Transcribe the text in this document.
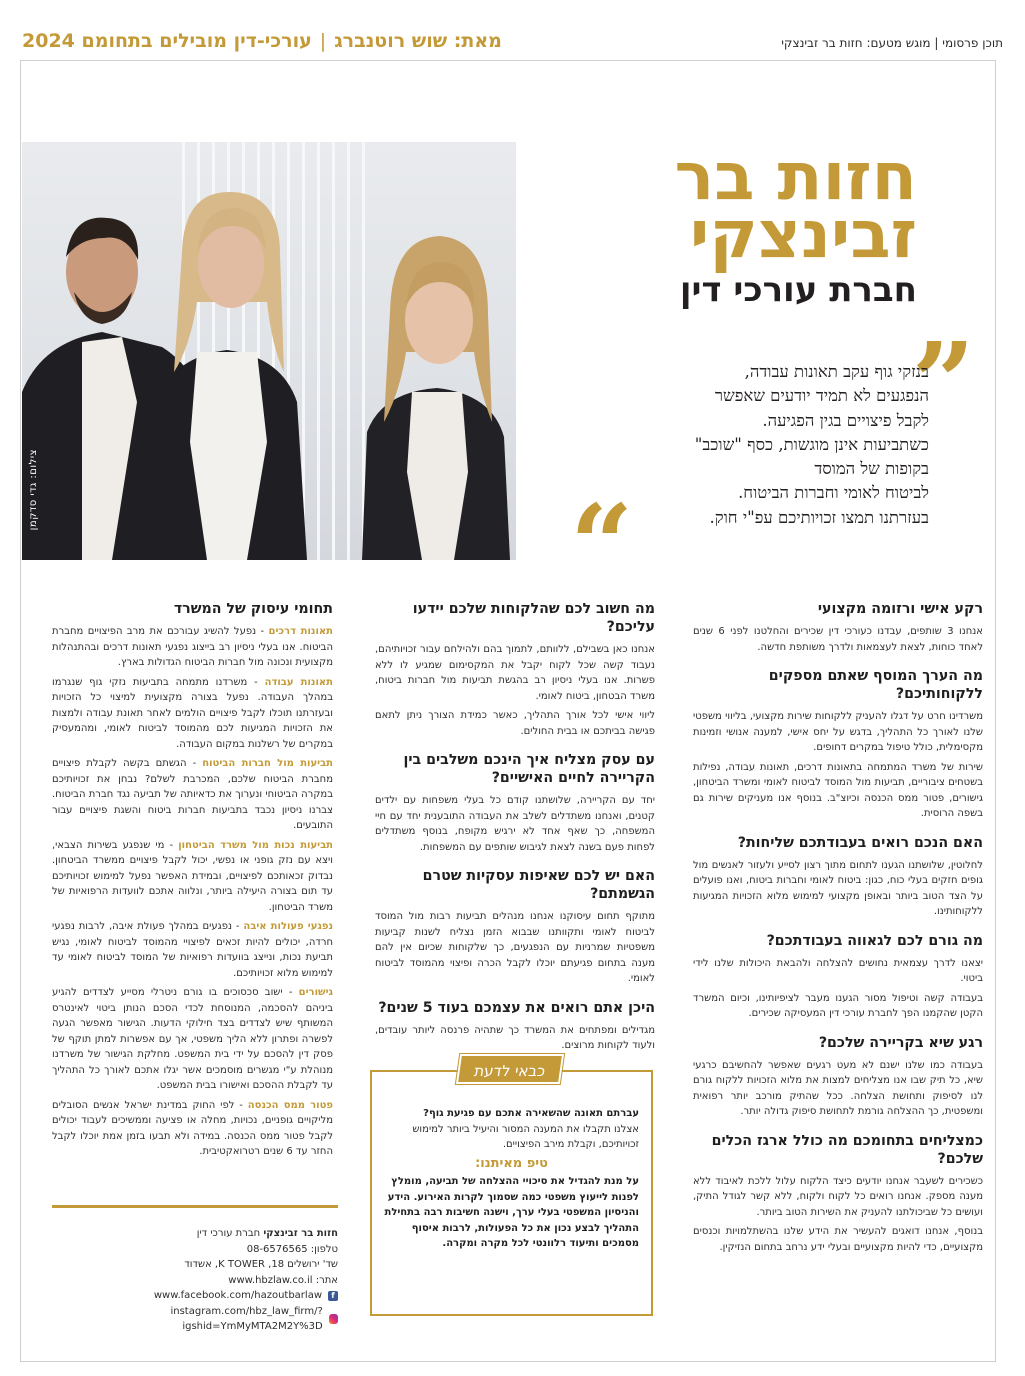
תוכן פרסומי | מוגש מטעם: חזות בר זבינצקי
מאת: שוש רוטנברג|עורכי-דין מובילים בתחומם 2024
צילום: גדי סדקמן
חזות בר
זבינצקי
חברת עורכי דין
”
בנזקי גוף עקב תאונות עבודה,
הנפגעים לא תמיד יודעים שאפשר
לקבל פיצויים בגין הפגיעה.
כשתביעות אינן מוגשות, כסף "שוכב"
בקופות של המוסד
לביטוח לאומי וחברות הביטוח.
בעזרתנו תמצו זכויותיכם עפ"י חוק.
“	רקע אישי ורזומה מקצועי

אנחנו 3 שותפים, עבדנו כעורכי דין שכירים והחלטנו לפני 6 שנים לאחד כוחות, לצאת לעצמאות ולדרך משותפת חדשה.

מה הערך המוסף שאתם מספקים ללקוחותיכם?

משרדינו חרט על דגלו להעניק ללקוחות שירות מקצועי, בליווי משפטי שלנו לאורך כל התהליך, בדגש על יחס אישי, למענה אנושי וזמינות מקסימלית, כולל טיפול במקרים דחופים.

שירות של משרד המתמחה בתאונות דרכים, תאונות עבודה, נפילות בשטחים ציבוריים, תביעות מול המוסד לביטוח לאומי ומשרד הביטחון, גישורים, פטור ממס הכנסה וכיוצ"ב. בנוסף אנו מעניקים שירות גם בשפה הרוסית.

האם הנכם רואים בעבודתכם שליחות?

לחלוטין, שלושתנו הגענו לתחום מתוך רצון לסייע ולעזור לאנשים מול גופים חזקים בעלי כוח, כגון: ביטוח לאומי וחברות ביטוח, ואנו פועלים על הצד הטוב ביותר ובאופן מקצועי למימוש מלוא הזכויות המגיעות ללקוחותינו.

מה גורם לכם לגאווה בעבודתכם?

יצאנו לדרך עצמאית נחושים להצלחה ולהבאת היכולות שלנו לידי ביטוי.

בעבודה קשה וטיפול מסור הגענו מעבר לציפיותינו, וכיום המשרד הקטן שהקמנו הפך לחברת עורכי דין המעסיקה שכירים.

רגע שיא בקריירה שלכם?

בעבודה כמו שלנו ישנם לא מעט רגעים שאפשר להחשיבם כרגעי שיא, כל תיק שבו אנו מצליחים למצות את מלוא הזכויות ללקוח גורם לנו לסיפוק ותחושת הצלחה. ככל שהתיק מורכב יותר רפואית ומשפטית, כך ההצלחה גורמת לתחושת סיפוק גדולה יותר.

כמצליחים בתחומכם מה כולל ארגז הכלים שלכם?

כשכירים לשעבר אנחנו יודעים כיצד הלקוח עלול ללכת לאיבוד ללא מענה מספק. אנחנו רואים כל לקוח ולקוח, ללא קשר לגודל התיק, ועושים כל שביכולתנו להעניק את השירות הטוב ביותר.

בנוסף, אנחנו דואגים להעשיר את הידע שלנו בהשתלמויות וכנסים מקצועיים, כדי להיות מקצועיים ובעלי ידע נרחב בתחום הנזיקין.

מה חשוב לכם שהלקוחות שלכם יידעו עליכם?

אנחנו כאן בשבילם, ללוותם, לתמוך בהם ולהילחם עבור זכויותיהם, נעבוד קשה שכל לקוח יקבל את המקסימום שמגיע לו ללא פשרות. אנו בעלי ניסיון רב בהגשת תביעות מול חברות ביטוח, משרד הבטחון, ביטוח לאומי.

ליווי אישי לכל אורך התהליך, כאשר כמידת הצורך ניתן לתאם פגישה בביתכם או בבית החולים.

עם עסק מצליח איך הינכם משלבים בין הקריירה לחיים האישיים?

יחד עם הקריירה, שלושתנו קודם כל בעלי משפחות עם ילדים קטנים, ואנחנו משתדלים לשלב את העבודה התובענית יחד עם חיי המשפחה, כך שאף אחד לא ירגיש מקופח, בנוסף משתדלים לפחות פעם בשנה לצאת לגיבוש שותפים עם המשפחות.

האם יש לכם שאיפות עסקיות שטרם הגשמתם?

מתוקף תחום עיסוקנו אנחנו מנהלים תביעות רבות מול המוסד לביטוח לאומי ותקוותנו שבבוא הזמן נצליח לשנות קביעות משפטיות שמרניות עם הנפגעים, כך שלקוחות שכיום אין להם מענה בתחום פגיעתם יוכלו לקבל הכרה ופיצוי מהמוסד לביטוח לאומי.

היכן אתם רואים את עצמכם בעוד 5 שנים?

מגדילים ומפתחים את המשרד כך שתהיה פרנסה ליותר עובדים, ולעוד לקוחות מרוצים.

כבאי לדעת

עברתם תאונה שהשאירה אתכם עם פגיעת גוף?

אצלנו תקבלו את המענה המסור והיעיל ביותר למימוש זכויותיכם, וקבלת מירב הפיצויים.

טיפ מאיתנו:

על מנת להגדיל את סיכויי ההצלחה של תביעה, מומלץ לפנות לייעוץ משפטי כמה שסמוך לקרות האירוע. הידע והניסיון המשפטי בעלי ערך, וישנה חשיבות רבה בתחילת התהליך לבצע נכון את כל הפעולות, לרבות איסוף מסמכים ותיעוד רלוונטי לכל מקרה ומקרה.

תחומי עיסוק של המשרד

תאונות דרכים - נפעל להשיג עבורכם את מרב הפיצויים מחברת הביטוח. אנו בעלי ניסיון רב בייצוג נפגעי תאונות דרכים ובהתנהלות מקצועית ונכונה מול חברות הביטוח הגדולות בארץ.

תאונות עבודה - משרדנו מתמחה בתביעות נזקי גוף שנגרמו במהלך העבודה. נפעל בצורה מקצועית למיצוי כל הזכויות ובעזרתנו תוכלו לקבל פיצויים הולמים לאחר תאונת עבודה ולמצות את הזכויות המגיעות לכם מהמוסד לביטוח לאומי, ומהמעסיק במקרים של רשלנות במקום העבודה.

תביעות מול חברות הביטוח - הגשתם בקשה לקבלת פיצויים מחברת הביטוח שלכם, המכרבת לשלם? נבחן את זכויותיכם במקרה הביטוחי ונערוך את כדאיותה של תביעה נגד חברת הביטוח. צברנו ניסיון נכבד בתביעות חברות ביטוח והשגת פיצויים עבור התובעים.

תביעות נכות מול משרד הביטחון - מי שנפגע בשירות הצבאי, ויצא עם נזק גופני או נפשי, יכול לקבל פיצויים ממשרד הביטחון. נבדוק זכאותכם לפיצויים, ובמידת האפשר נפעל למימוש זכויותיכם עד תום בצורה היעילה ביותר, ונלווה אתכם לוועדות הרפואיות של משרד הביטחון.

נפגעי פעולות איבה - נפגעים במהלך פעולת איבה, לרבות נפגעי חרדה, יכולים להיות זכאים לפיצויי מהמוסד לביטוח לאומי, נגיש תביעת נכות, ונייצג בוועדות רפואיות של המוסד לביטוח לאומי עד למימוש מלוא זכויותיכם.

גישורים - ישוב סכסוכים בו גורם ניטרלי מסייע לצדדים להגיע ביניהם להסכמה, המנוסחת לכדי הסכם הנותן ביטוי לאינטרס המשותף שיש לצדדים בצד חילוקי הדעות. הגישור מאפשר הגעה לפשרה ופתרון ללא הליך משפטי, אך עם אפשרות למתן תוקף של פסק דין להסכם על ידי בית המשפט. מחלקת הגישור של משרדנו מנוהלת ע"י מגשרים מוסמכים אשר יגלו אתכם לאורך כל התהליך עד לקבלת ההסכם ואישורו בבית המשפט.

פטור ממס הכנסה - לפי החוק במדינת ישראל אנשים הסובלים מליקויים גופניים, נכויות, מחלה או פציעה וממשיכים לעבוד יכולים לקבל פטור ממס הכנסה. במידה ולא תבעו בזמן אמת יוכלו לקבל החזר עד 6 שנים רטרואקטיבית.

חזות בר זבינצקי חברת עורכי דין
טלפון: 08-6576565
שד' ירושלים 18, K TOWER, אשדוד
אתר: www.hbzlaw.co.il
www.facebook.com/hazoutbarlaw	f
instagram.com/hbz_law_firm/?igshid=YmMyMTA2M2Y%3D
